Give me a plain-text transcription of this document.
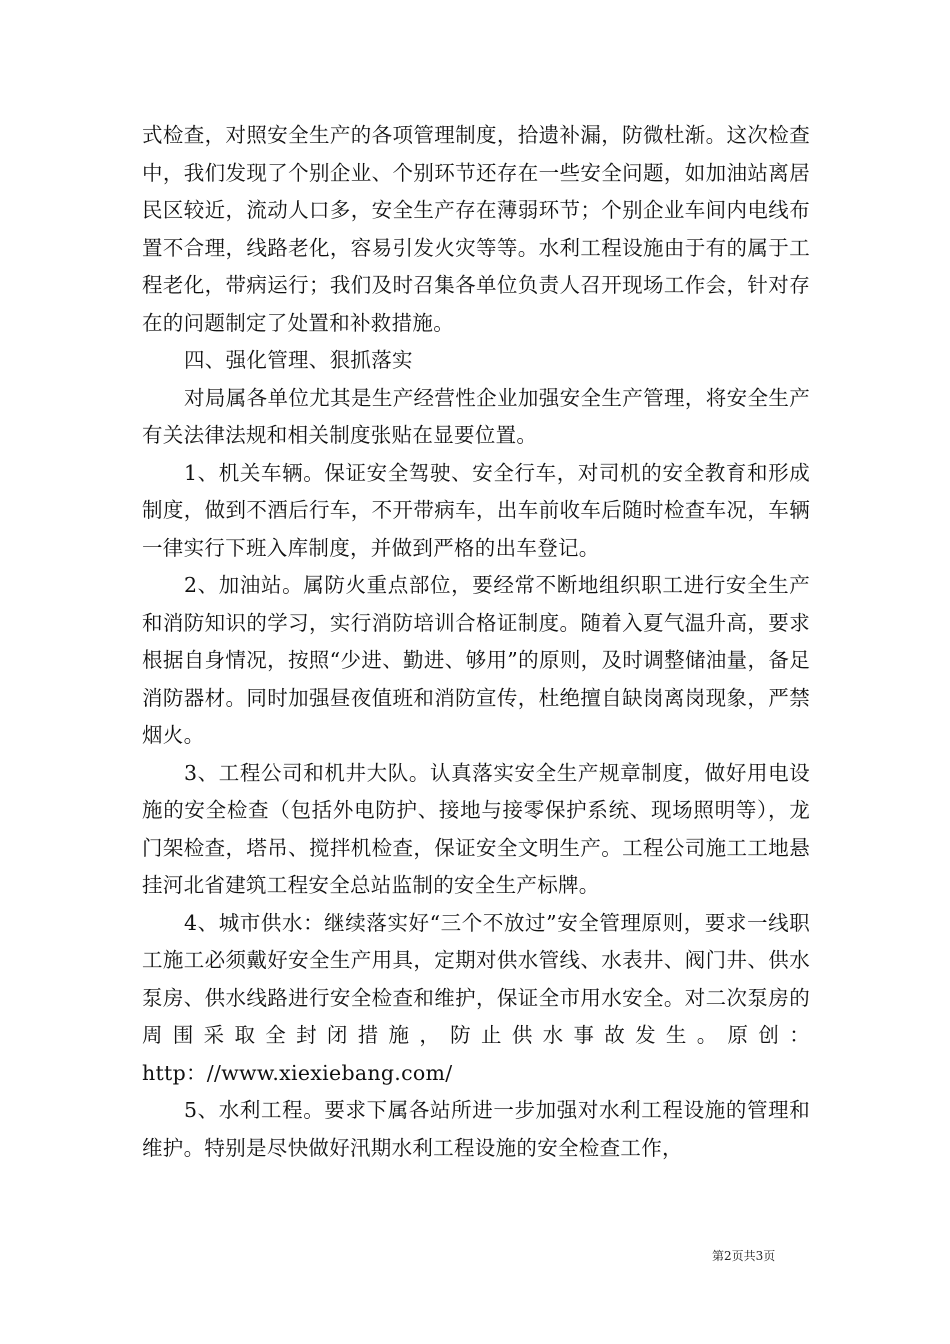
式检查，对照安全生产的各项管理制度，拾遗补漏，防微杜渐。这次检查中，我们发现了个别企业、个别环节还存在一些安全问题，如加油站离居民区较近，流动人口多，安全生产存在薄弱环节；个别企业车间内电线布置不合理，线路老化，容易引发火灾等等。水利工程设施由于有的属于工程老化，带病运行；我们及时召集各单位负责人召开现场工作会，针对存在的问题制定了处置和补救措施。

四、强化管理、狠抓落实

对局属各单位尤其是生产经营性企业加强安全生产管理，将安全生产有关法律法规和相关制度张贴在显要位置。

1、机关车辆。保证安全驾驶、安全行车，对司机的安全教育和形成制度，做到不酒后行车，不开带病车，出车前收车后随时检查车况，车辆一律实行下班入库制度，并做到严格的出车登记。

2、加油站。属防火重点部位，要经常不断地组织职工进行安全生产和消防知识的学习，实行消防培训合格证制度。随着入夏气温升高，要求根据自身情况，按照“少进、勤进、够用”的原则，及时调整储油量，备足消防器材。同时加强昼夜值班和消防宣传，杜绝擅自缺岗离岗现象，严禁烟火。

3、工程公司和机井大队。认真落实安全生产规章制度，做好用电设施的安全检查（包括外电防护、接地与接零保护系统、现场照明等），龙门架检查，塔吊、搅拌机检查，保证安全文明生产。工程公司施工工地悬挂河北省建筑工程安全总站监制的安全生产标牌。

4、城市供水：继续落实好“三个不放过”安全管理原则，要求一线职工施工必须戴好安全生产用具，定期对供水管线、水表井、阀门井、供水泵房、供水线路进行安全检查和维护，保证全市用水安全。对二次泵房的周围采取全封闭措施，防止供水事故发生。原创：http：//www.xiexiebang.com/

5、水利工程。要求下属各站所进一步加强对水利工程设施的管理和维护。特别是尽快做好汛期水利工程设施的安全检查工作，

第2页共3页
